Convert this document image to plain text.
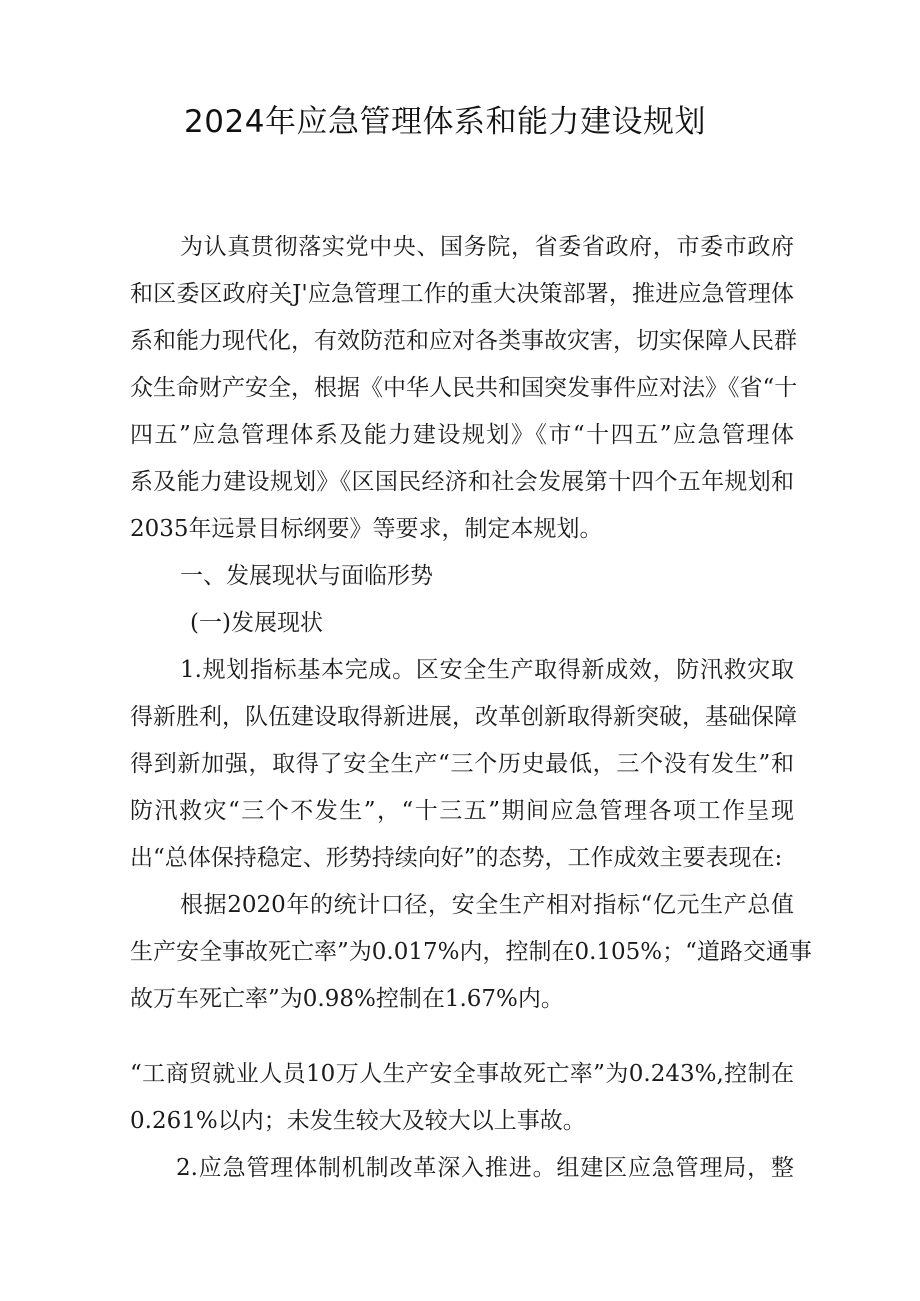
2024年应急管理体系和能力建设规划
为认真贯彻落实党中央、国务院，省委省政府，市委市政府
和区委区政府关J'应急管理工作的重大决策部署，推进应急管理体
系和能力现代化，有效防范和应对各类事故灾害，切实保障人民群
众生命财产安全，根据《中华人民共和国突发事件应对法》《省“十
四五”应急管理体系及能力建设规划》《市“十四五”应急管理体
系及能力建设规划》《区国民经济和社会发展第十四个五年规划和
2035年远景目标纲要》等要求，制定本规划。
一、发展现状与面临形势
(一)发展现状
1.规划指标基本完成。区安全生产取得新成效，防汛救灾取
得新胜利，队伍建设取得新进展，改革创新取得新突破，基础保障
得到新加强，取得了安全生产“三个历史最低，三个没有发生”和
防汛救灾“三个不发生”，“十三五”期间应急管理各项工作呈现
出“总体保持稳定、形势持续向好”的态势，工作成效主要表现在:
根据2020年的统计口径，安全生产相对指标“亿元生产总值
生产安全事故死亡率”为0.017%内，控制在0.105%；“道路交通事
故万车死亡率”为0.98%控制在1.67%内。
“工商贸就业人员10万人生产安全事故死亡率”为0.243%,控制在
0.261%以内；未发生较大及较大以上事故。
2.应急管理体制机制改革深入推进。组建区应急管理局，整
